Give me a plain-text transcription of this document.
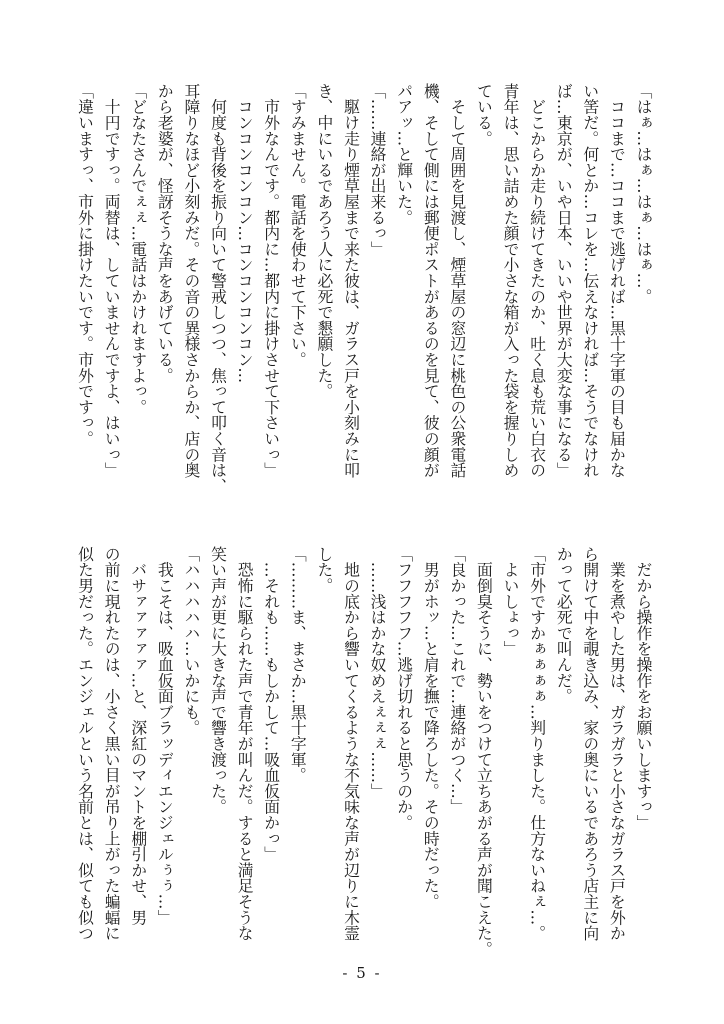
「はぁ…はぁ…はぁ…はぁ…。
　ココまで…ココまで逃げれば…黒十字軍の目も届かな
い筈だ。何とか…コレを…伝えなければ…そうでなけれ
ば…東京が、いや日本、いいや世界が大変な事になる」
　どこからか走り続けてきたのか、吐く息も荒い白衣の
青年は、思い詰めた顔で小さな箱が入った袋を握りしめ
ている。
　そして周囲を見渡し、煙草屋の窓辺に桃色の公衆電話
機、そして側には郵便ポストがあるのを見て、彼の顔が
パアッ…と輝いた。
「……連絡が出来るっ」
　駆け走り煙草屋まで来た彼は、ガラス戸を小刻みに叩
き、中にいるであろう人に必死で懇願した。
「すみません。電話を使わせて下さい。
　市外なんです。都内に…都内に掛けさせて下さいっ」
　コンコンコンコン…コンコンコンコン…
　何度も背後を振り向いて警戒しつつ、焦って叩く音は、
耳障りなほど小刻みだ。その音の異様さからか、店の奥
から老婆が、怪訝そうな声をあげている。
「どなたさんでぇぇ…電話はかけれますよっ。
　十円ですっ。両替は、していませんですよ、はいっ」
「違いますっ、市外に掛けたいです。市外ですっ。
　だから操作を操作をお願いしますっ」
　業を煮やした男は、ガラガラと小さなガラス戸を外か
ら開けて中を覗き込み、家の奥にいるであろう店主に向
かって必死で叫んだ。
「市外ですかぁぁぁぁ…判りました。仕方ないねぇ…。
　よいしょっ」
　面倒臭そうに、勢いをつけて立ちあがる声が聞こえた。
「良かった…これで…連絡がつく…」
　男がホッ…と肩を撫で降ろした。その時だった。
「フフフフフ…逃げ切れると思うのか。
　……浅はかな奴めえぇぇぇ……」
　地の底から響いてくるような不気味な声が辺りに木霊
した。
「………ま、まさか…黒十字軍。
　…それも……もしかして…吸血仮面かっ」
　恐怖に駆られた声で青年が叫んだ。すると満足そうな
笑い声が更に大きな声で響き渡った。
「ハハハハハ…いかにも。
　我こそは、吸血仮面ブラッディエンジェルぅぅ…」
　バサァァァァァ…と、深紅のマントを棚引かせ、男
の前に現れたのは、小さく黒い目が吊り上がった蝙蝠に
似た男だった。エンジェルという名前とは、似ても似つ
- 5 -
